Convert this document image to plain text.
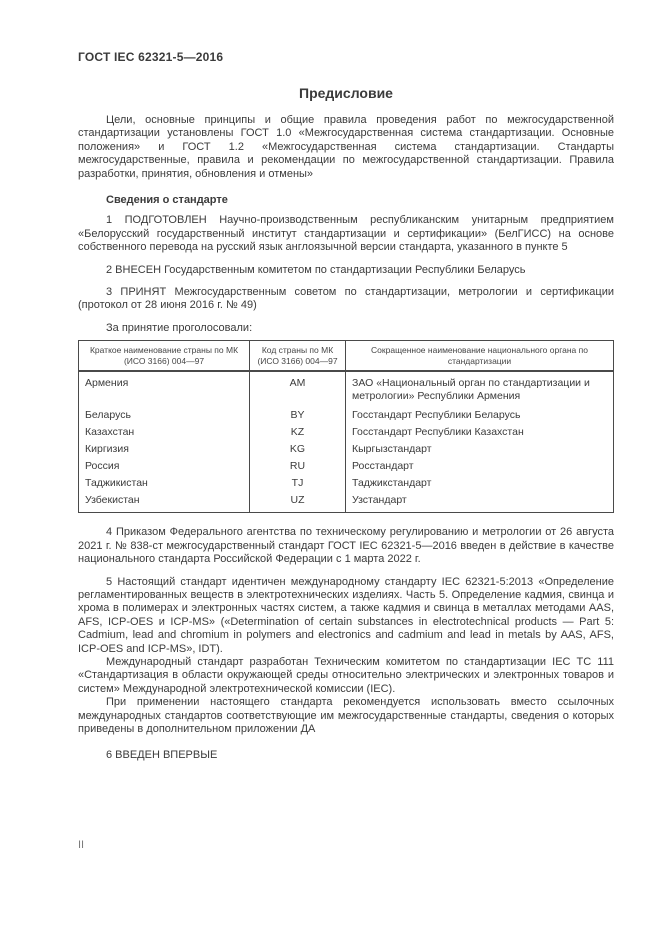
ГОСТ IEC 62321-5—2016
Предисловие

Цели, основные принципы и общие правила проведения работ по межгосударственной стандартизации установлены ГОСТ 1.0 «Межгосударственная система стандартизации. Основные положения» и ГОСТ 1.2 «Межгосударственная система стандартизации. Стандарты межгосударственные, правила и рекомендации по межгосударственной стандартизации. Правила разработки, принятия, обновления и отмены»

Сведения о стандарте

1 ПОДГОТОВЛЕН Научно-производственным республиканским унитарным предприятием «Белорусский государственный институт стандартизации и сертификации» (БелГИСС) на основе собственного перевода на русский язык англоязычной версии стандарта, указанного в пункте 5

2 ВНЕСЕН Государственным комитетом по стандартизации Республики Беларусь

3 ПРИНЯТ Межгосударственным советом по стандартизации, метрологии и сертификации (протокол от 28 июня 2016 г. № 49)

За принятие проголосовали:

Краткое наименование страны по МК (ИСО 3166) 004—97	Код страны по МК (ИСО 3166) 004—97	Сокращенное наименование национального органа по стандартизации
Армения	AM	ЗАО «Национальный орган по стандартизации и метрологии» Республики Армения
Беларусь	BY	Госстандарт Республики Беларусь
Казахстан	KZ	Госстандарт Республики Казахстан
Киргизия	KG	Кыргызстандарт
Россия	RU	Росстандарт
Таджикистан	TJ	Таджикстандарт
Узбекистан	UZ	Узстандарт

4 Приказом Федерального агентства по техническому регулированию и метрологии от 26 августа 2021 г. № 838-ст межгосударственный стандарт ГОСТ IEC 62321-5—2016 введен в действие в качестве национального стандарта Российской Федерации с 1 марта 2022 г.

5 Настоящий стандарт идентичен международному стандарту IEC 62321-5:2013 «Определение регламентированных веществ в электротехнических изделиях. Часть 5. Определение кадмия, свинца и хрома в полимерах и электронных частях систем, а также кадмия и свинца в металлах методами AAS, AFS, ICP-OES и ICP-MS» («Determination of certain substances in electrotechnical products — Part 5: Cadmium, lead and chromium in polymers and electronics and cadmium and lead in metals by AAS, AFS, ICP-OES and ICP-MS», IDT).

Международный стандарт разработан Техническим комитетом по стандартизации IEC ТС 111 «Стандартизация в области окружающей среды относительно электрических и электронных товаров и систем» Международной электротехнической комиссии (IEC).

При применении настоящего стандарта рекомендуется использовать вместо ссылочных международных стандартов соответствующие им межгосударственные стандарты, сведения о которых приведены в дополнительном приложении ДА

6 ВВЕДЕН ВПЕРВЫЕ

II
